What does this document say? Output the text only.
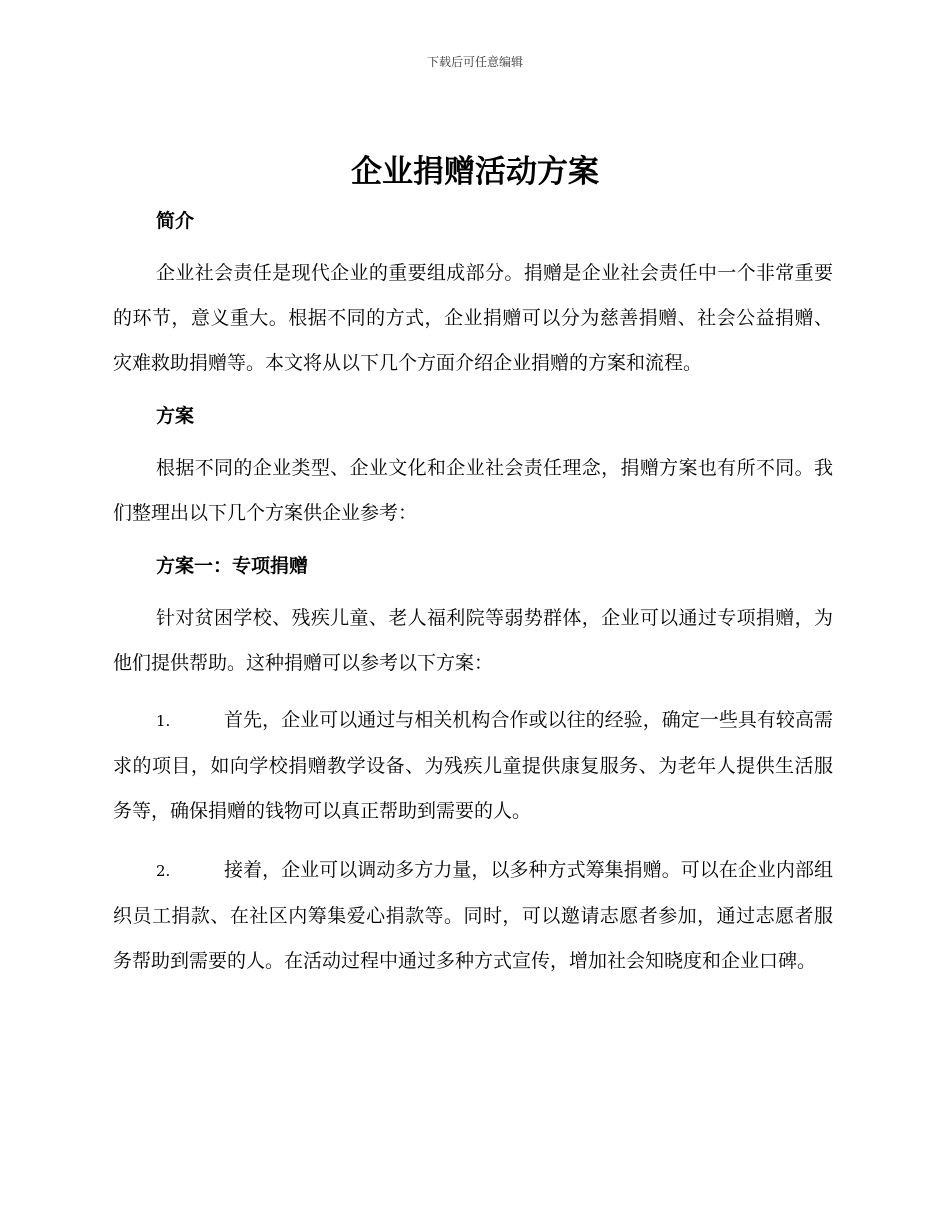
下载后可任意编辑
企业捐赠活动方案
简介

企业社会责任是现代企业的重要组成部分。捐赠是企业社会责任中一个非常重要的环节，意义重大。根据不同的方式，企业捐赠可以分为慈善捐赠、社会公益捐赠、灾难救助捐赠等。本文将从以下几个方面介绍企业捐赠的方案和流程。

方案

根据不同的企业类型、企业文化和企业社会责任理念，捐赠方案也有所不同。我们整理出以下几个方案供企业参考：

方案一：专项捐赠

针对贫困学校、残疾儿童、老人福利院等弱势群体，企业可以通过专项捐赠，为他们提供帮助。这种捐赠可以参考以下方案：

1.	首先，企业可以通过与相关机构合作或以往的经验，确定一些具有较高需求的项目，如向学校捐赠教学设备、为残疾儿童提供康复服务、为老年人提供生活服务等，确保捐赠的钱物可以真正帮助到需要的人。

2.	接着，企业可以调动多方力量，以多种方式筹集捐赠。可以在企业内部组织员工捐款、在社区内筹集爱心捐款等。同时，可以邀请志愿者参加，通过志愿者服务帮助到需要的人。在活动过程中通过多种方式宣传，增加社会知晓度和企业口碑。
